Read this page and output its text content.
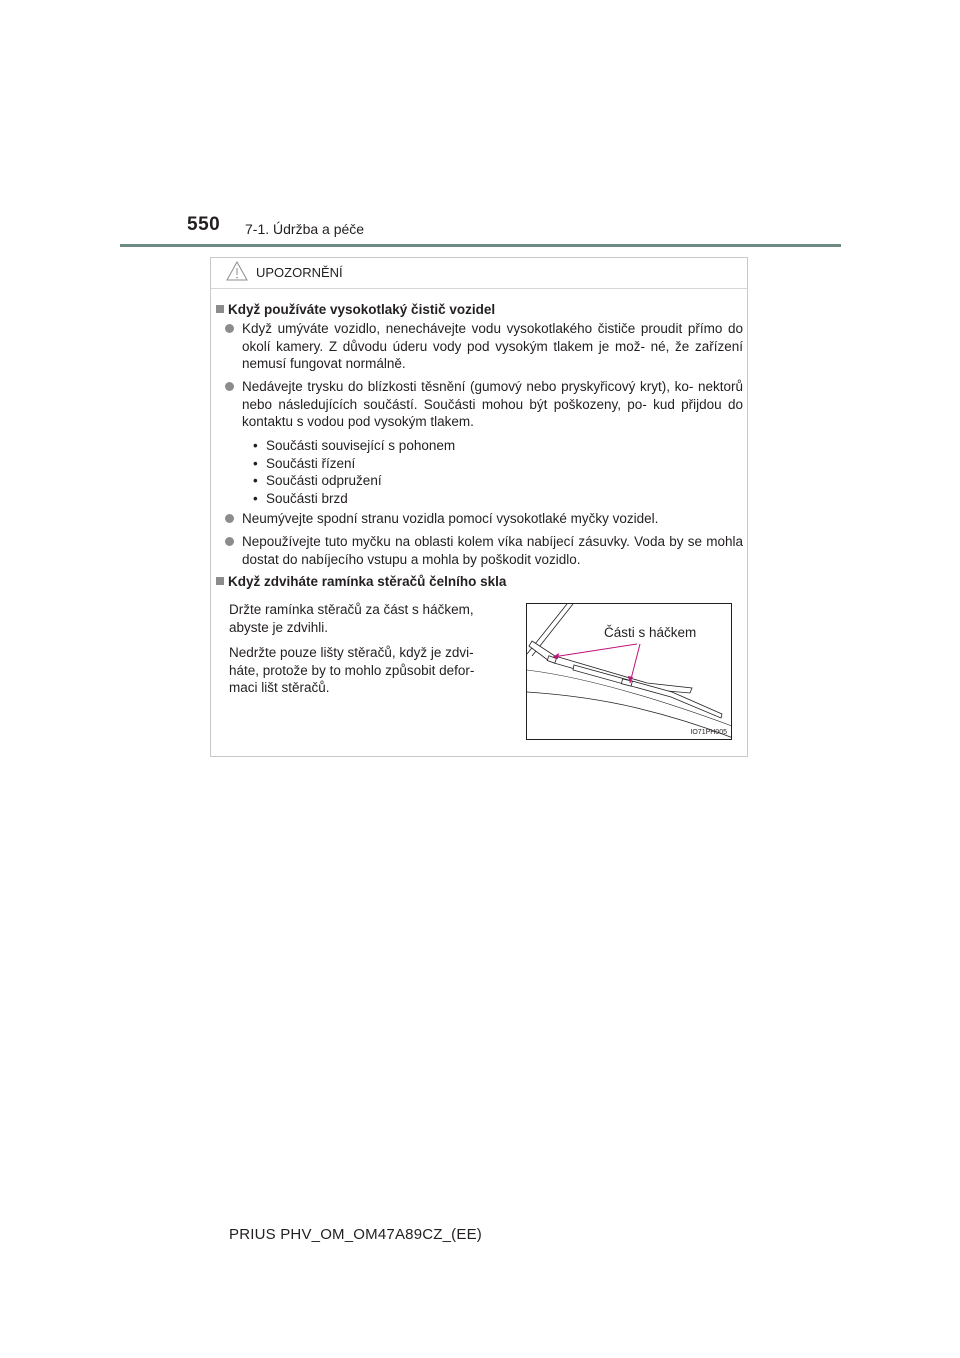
550 7-1. Údržba a péče
UPOZORNĚNÍ
Když používáte vysokotlaký čistič vozidel
Když umýváte vozidlo, nenechávejte vodu vysokotlakého čističe proudit přímo do okolí kamery. Z důvodu úderu vody pod vysokým tlakem je mož- né, že zařízení nemusí fungovat normálně.
Nedávejte trysku do blízkosti těsnění (gumový nebo pryskyřicový kryt), ko- nektorů nebo následujících součástí. Součásti mohou být poškozeny, po- kud přijdou do kontaktu s vodou pod vysokým tlakem.
• Součásti související s pohonem
• Součásti řízení
• Součásti odpružení
• Součásti brzd
Neumývejte spodní stranu vozidla pomocí vysokotlaké myčky vozidel.
Nepoužívejte tuto myčku na oblasti kolem víka nabíjecí zásuvky. Voda by se mohla dostat do nabíjecího vstupu a mohla by poškodit vozidlo.
Když zdviháte ramínka stěračů čelního skla
Držte ramínka stěračů za část s háčkem, abyste je zdvihli.
Nedržte pouze lišty stěračů, když je zdvi- háte, protože by to mohlo způsobit defor- maci lišt stěračů.
Části s háčkem
IO71PH005
PRIUS PHV_OM_OM47A89CZ_(EE)
